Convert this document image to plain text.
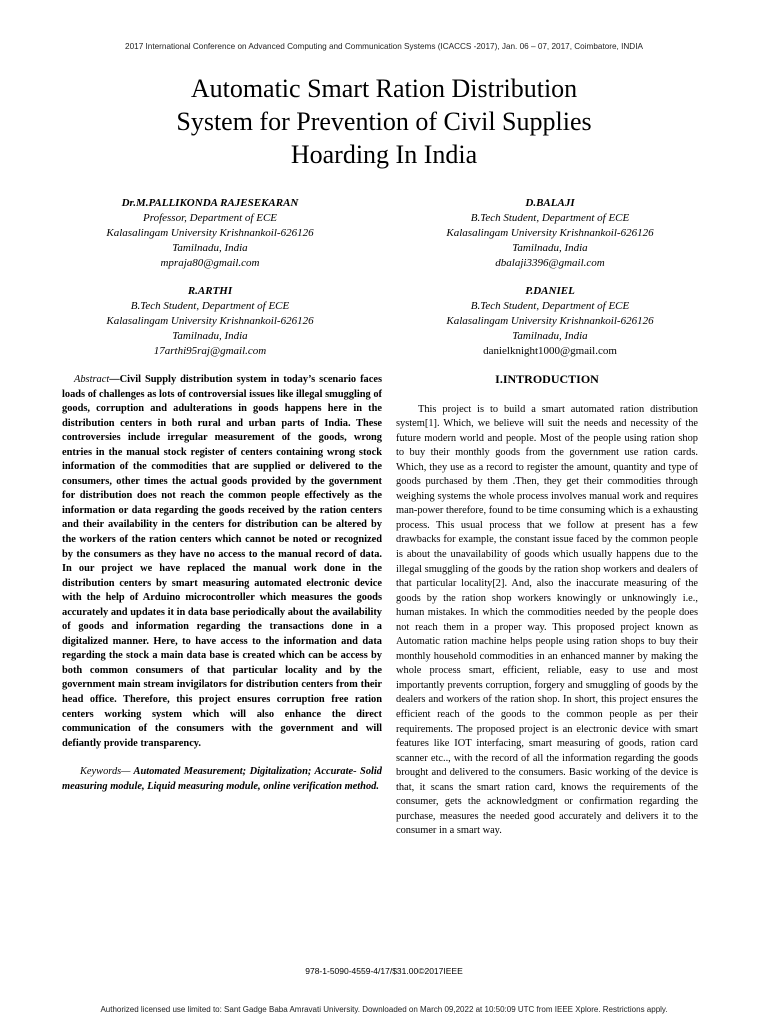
2017 International Conference on Advanced Computing and Communication Systems (ICACCS -2017), Jan. 06 – 07, 2017, Coimbatore, INDIA
Automatic Smart Ration Distribution
System for Prevention of Civil Supplies
Hoarding In India
Dr.M.PALLIKONDA RAJESEKARAN
Professor, Department of ECE
Kalasalingam University Krishnankoil-626126
Tamilnadu, India
mpraja80@gmail.com
D.BALAJI
B.Tech Student, Department of ECE
Kalasalingam University Krishnankoil-626126
Tamilnadu, India
dbalaji3396@gmail.com
R.ARTHI
B.Tech Student, Department of ECE
Kalasalingam University Krishnankoil-626126
Tamilnadu, India
17arthi95raj@gmail.com
P.DANIEL
B.Tech Student, Department of ECE
Kalasalingam University Krishnankoil-626126
Tamilnadu, India
danielknight1000@gmail.com

Abstract—Civil Supply distribution system in today’s scenario faces loads of challenges as lots of controversial issues like illegal smuggling of goods, corruption and adulterations in goods happens here in the distribution centers in both rural and urban parts of India. These controversies include irregular measurement of the goods, wrong entries in the manual stock register of centers containing wrong stock information of the commodities that are supplied or delivered to the consumers, other times the actual goods provided by the government for distribution does not reach the common people effectively as the information or data regarding the goods received by the ration centers and their availability in the centers for distribution can be altered by the workers of the ration centers which cannot be noted or recognized by the consumers as they have no access to the manual record of data. In our project we have replaced the manual work done in the distribution centers by smart measuring automated electronic device with the help of Arduino microcontroller which measures the goods accurately and updates it in data base periodically about the availability of goods and information regarding the transactions done in a digitalized manner. Here, to have access to the information and data regarding the stock a main data base is created which can be access by both common consumers of that particular locality and by the government main stream invigilators for distribution centers from their head office. Therefore, this project ensures corruption free ration centers working system which will also enhance the direct communication of the consumers with the government and will defiantly provide transparency.

Keywords— Automated Measurement; Digitalization; Accurate- Solid measuring module, Liquid measuring module, online verification method.

I.INTRODUCTION

This project is to build a smart automated ration distribution system[1]. Which, we believe will suit the needs and necessity of the future modern world and people. Most of the people using ration shop to buy their monthly goods from the government use ration cards. Which, they use as a record to register the amount, quantity and type of goods purchased by them .Then, they get their commodities through weighing systems the whole process involves manual work and requires man-power therefore, found to be time consuming which is a exhausting process. This usual process that we follow at present has a few drawbacks for example, the constant issue faced by the common people is about the unavailability of goods which usually happens due to the illegal smuggling of the goods by the ration shop workers and dealers of that particular locality[2]. And, also the inaccurate measuring of the goods by the ration shop workers knowingly or unknowingly i.e., human mistakes. In which the commodities needed by the people does not reach them in a proper way. This proposed project known as Automatic ration machine helps people using ration shops to buy their monthly household commodities in an enhanced manner by making the whole process smart, efficient, reliable, easy to use and most importantly prevents corruption, forgery and smuggling of goods by the dealers and workers of the ration shop. In short, this project ensures the efficient reach of the goods to the common people as per their requirements. The proposed project is an electronic device with smart features like IOT interfacing, smart measuring of goods, ration card scanner etc.., with the record of all the information regarding the goods brought and delivered to the consumers. Basic working of the device is that, it scans the smart ration card, knows the requirements of the consumer, gets the acknowledgment or confirmation regarding the purchase, measures the needed good accurately and delivers it to the consumer in a smart way.

978-1-5090-4559-4/17/$31.00©2017IEEE
Authorized licensed use limited to: Sant Gadge Baba Amravati University. Downloaded on March 09,2022 at 10:50:09 UTC from IEEE Xplore. Restrictions apply.
